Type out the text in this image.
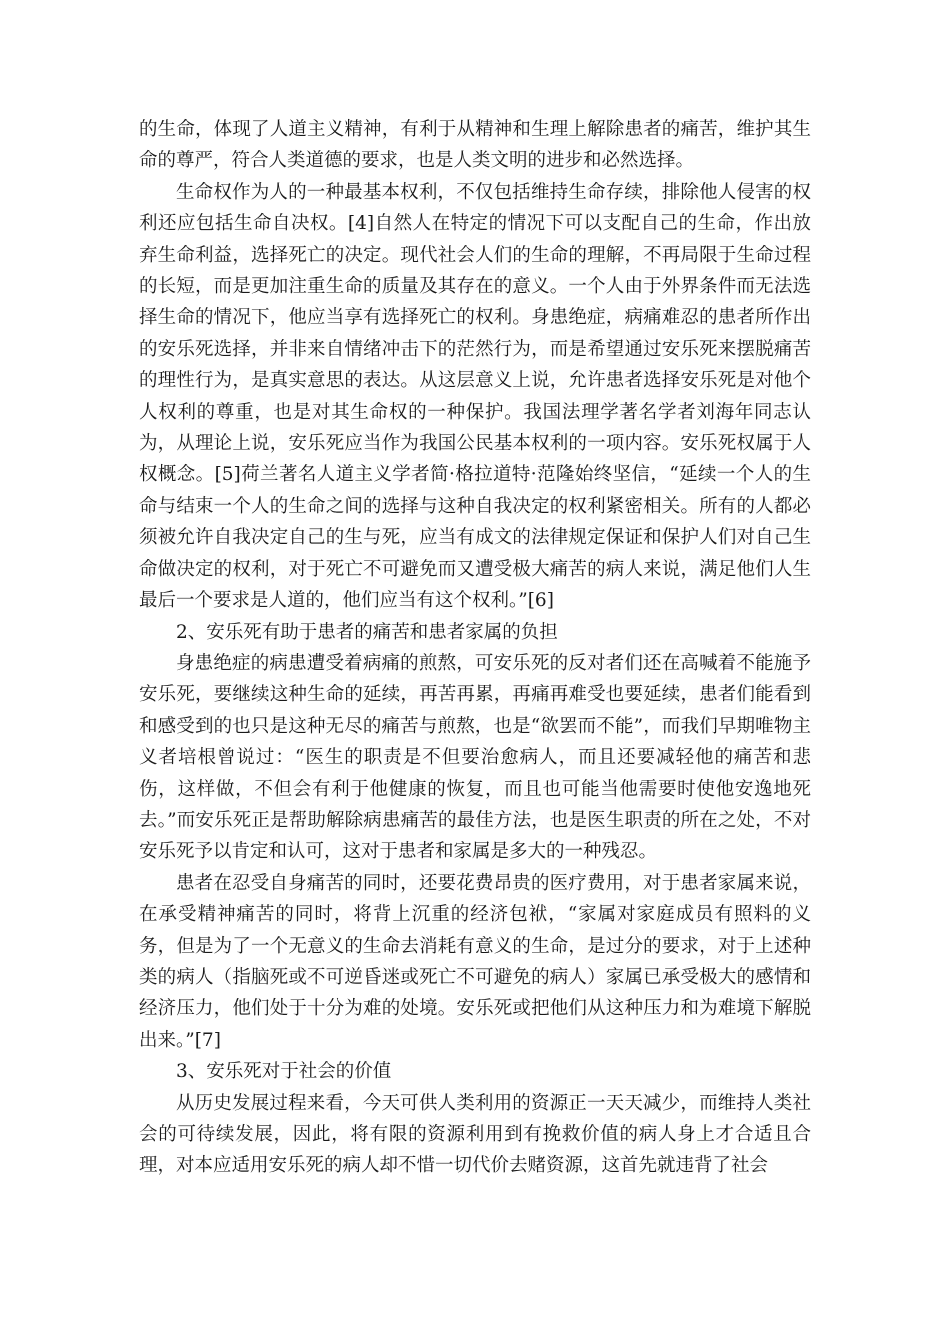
的生命，体现了人道主义精神，有利于从精神和生理上解除患者的痛苦，维护其生命的尊严，符合人类道德的要求，也是人类文明的进步和必然选择。

生命权作为人的一种最基本权利，不仅包括维持生命存续，排除他人侵害的权利还应包括生命自决权。[4]自然人在特定的情况下可以支配自己的生命，作出放弃生命利益，选择死亡的决定。现代社会人们的生命的理解，不再局限于生命过程的长短，而是更加注重生命的质量及其存在的意义。一个人由于外界条件而无法选择生命的情况下，他应当享有选择死亡的权利。身患绝症，病痛难忍的患者所作出的安乐死选择，并非来自情绪冲击下的茫然行为，而是希望通过安乐死来摆脱痛苦的理性行为，是真实意思的表达。从这层意义上说，允许患者选择安乐死是对他个人权利的尊重，也是对其生命权的一种保护。我国法理学著名学者刘海年同志认为，从理论上说，安乐死应当作为我国公民基本权利的一项内容。安乐死权属于人权概念。[5]荷兰著名人道主义学者简·格拉道特·范隆始终坚信，“延续一个人的生命与结束一个人的生命之间的选择与这种自我决定的权利紧密相关。所有的人都必须被允许自我决定自己的生与死，应当有成文的法律规定保证和保护人们对自己生命做决定的权利，对于死亡不可避免而又遭受极大痛苦的病人来说，满足他们人生最后一个要求是人道的，他们应当有这个权利。”[6]

2、安乐死有助于患者的痛苦和患者家属的负担

身患绝症的病患遭受着病痛的煎熬，可安乐死的反对者们还在高喊着不能施予安乐死，要继续这种生命的延续，再苦再累，再痛再难受也要延续，患者们能看到和感受到的也只是这种无尽的痛苦与煎熬，也是“欲罢而不能”，而我们早期唯物主义者培根曾说过：“医生的职责是不但要治愈病人，而且还要减轻他的痛苦和悲伤，这样做，不但会有利于他健康的恢复，而且也可能当他需要时使他安逸地死去。”而安乐死正是帮助解除病患痛苦的最佳方法，也是医生职责的所在之处，不对安乐死予以肯定和认可，这对于患者和家属是多大的一种残忍。

患者在忍受自身痛苦的同时，还要花费昂贵的医疗费用，对于患者家属来说，在承受精神痛苦的同时，将背上沉重的经济包袱，“家属对家庭成员有照料的义务，但是为了一个无意义的生命去消耗有意义的生命，是过分的要求，对于上述种类的病人（指脑死或不可逆昏迷或死亡不可避免的病人）家属已承受极大的感情和经济压力，他们处于十分为难的处境。安乐死或把他们从这种压力和为难境下解脱出来。”[7]

3、安乐死对于社会的价值

从历史发展过程来看，今天可供人类利用的资源正一天天减少，而维持人类社会的可待续发展，因此，将有限的资源利用到有挽救价值的病人身上才合适且合理，对本应适用安乐死的病人却不惜一切代价去赌资源，这首先就违背了社会
